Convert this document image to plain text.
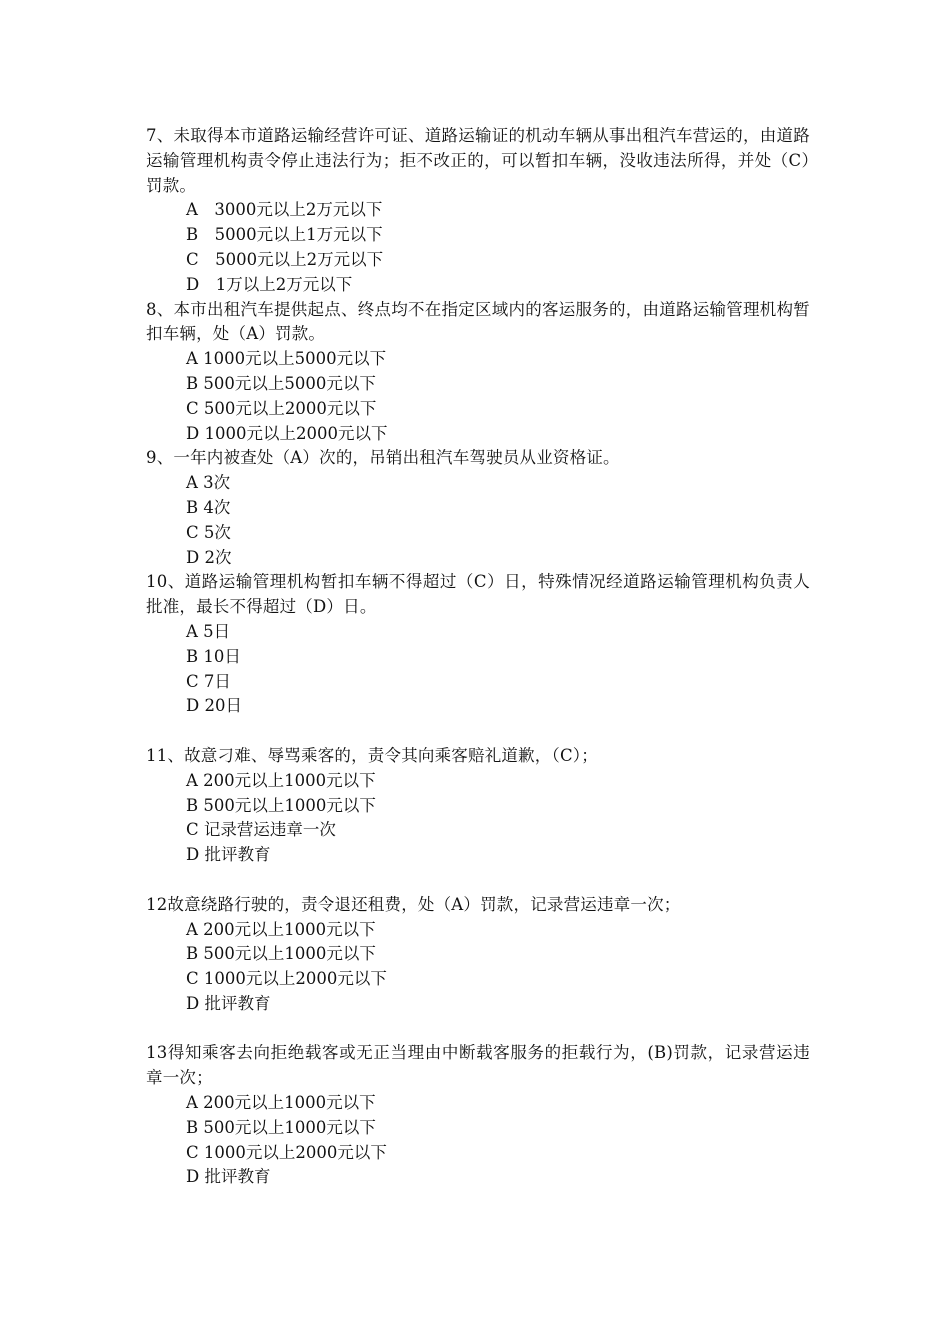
7、未取得本市道路运输经营许可证、道路运输证的机动车辆从事出租汽车营运的，由道路运输管理机构责令停止违法行为；拒不改正的，可以暂扣车辆，没收违法所得，并处（C）罚款。

A　3000元以上2万元以下

B　5000元以上1万元以下

C　5000元以上2万元以下

D　1万以上2万元以下

8、本市出租汽车提供起点、终点均不在指定区域内的客运服务的，由道路运输管理机构暂扣车辆，处（A）罚款。

A 1000元以上5000元以下

B 500元以上5000元以下

C 500元以上2000元以下

D 1000元以上2000元以下

9、一年内被查处（A）次的，吊销出租汽车驾驶员从业资格证。

A 3次

B 4次

C 5次

D 2次

10、道路运输管理机构暂扣车辆不得超过（C）日，特殊情况经道路运输管理机构负责人批准，最长不得超过（D）日。

A 5日

B 10日

C 7日

D 20日

11、故意刁难、辱骂乘客的，责令其向乘客赔礼道歉，（C）；

A 200元以上1000元以下

B 500元以上1000元以下

C 记录营运违章一次

D 批评教育

12故意绕路行驶的，责令退还租费，处（A）罚款，记录营运违章一次；

A 200元以上1000元以下

B 500元以上1000元以下

C 1000元以上2000元以下

D 批评教育

13得知乘客去向拒绝载客或无正当理由中断载客服务的拒载行为，(B)罚款，记录营运违章一次；

A 200元以上1000元以下

B 500元以上1000元以下

C 1000元以上2000元以下

D 批评教育
